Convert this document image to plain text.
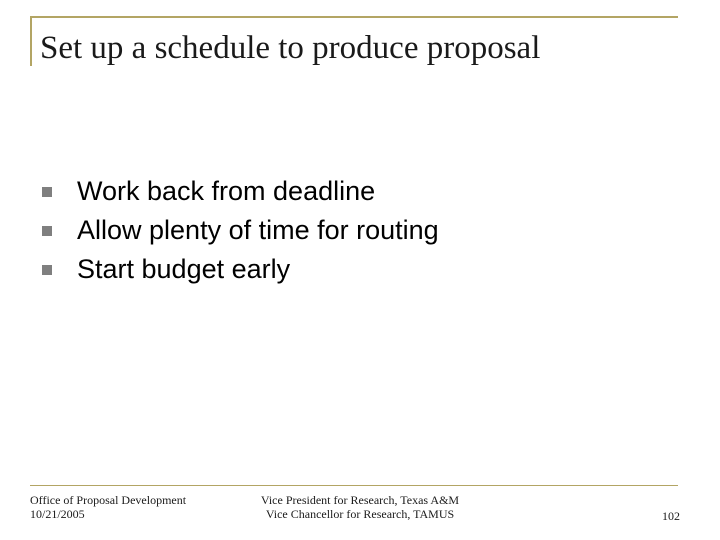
Set up a schedule to produce proposal
Work back from deadline
Allow plenty of time for routing
Start budget early
Office of Proposal Development
10/21/2005
Vice President for Research, Texas A&M
Vice Chancellor for Research, TAMUS	102
